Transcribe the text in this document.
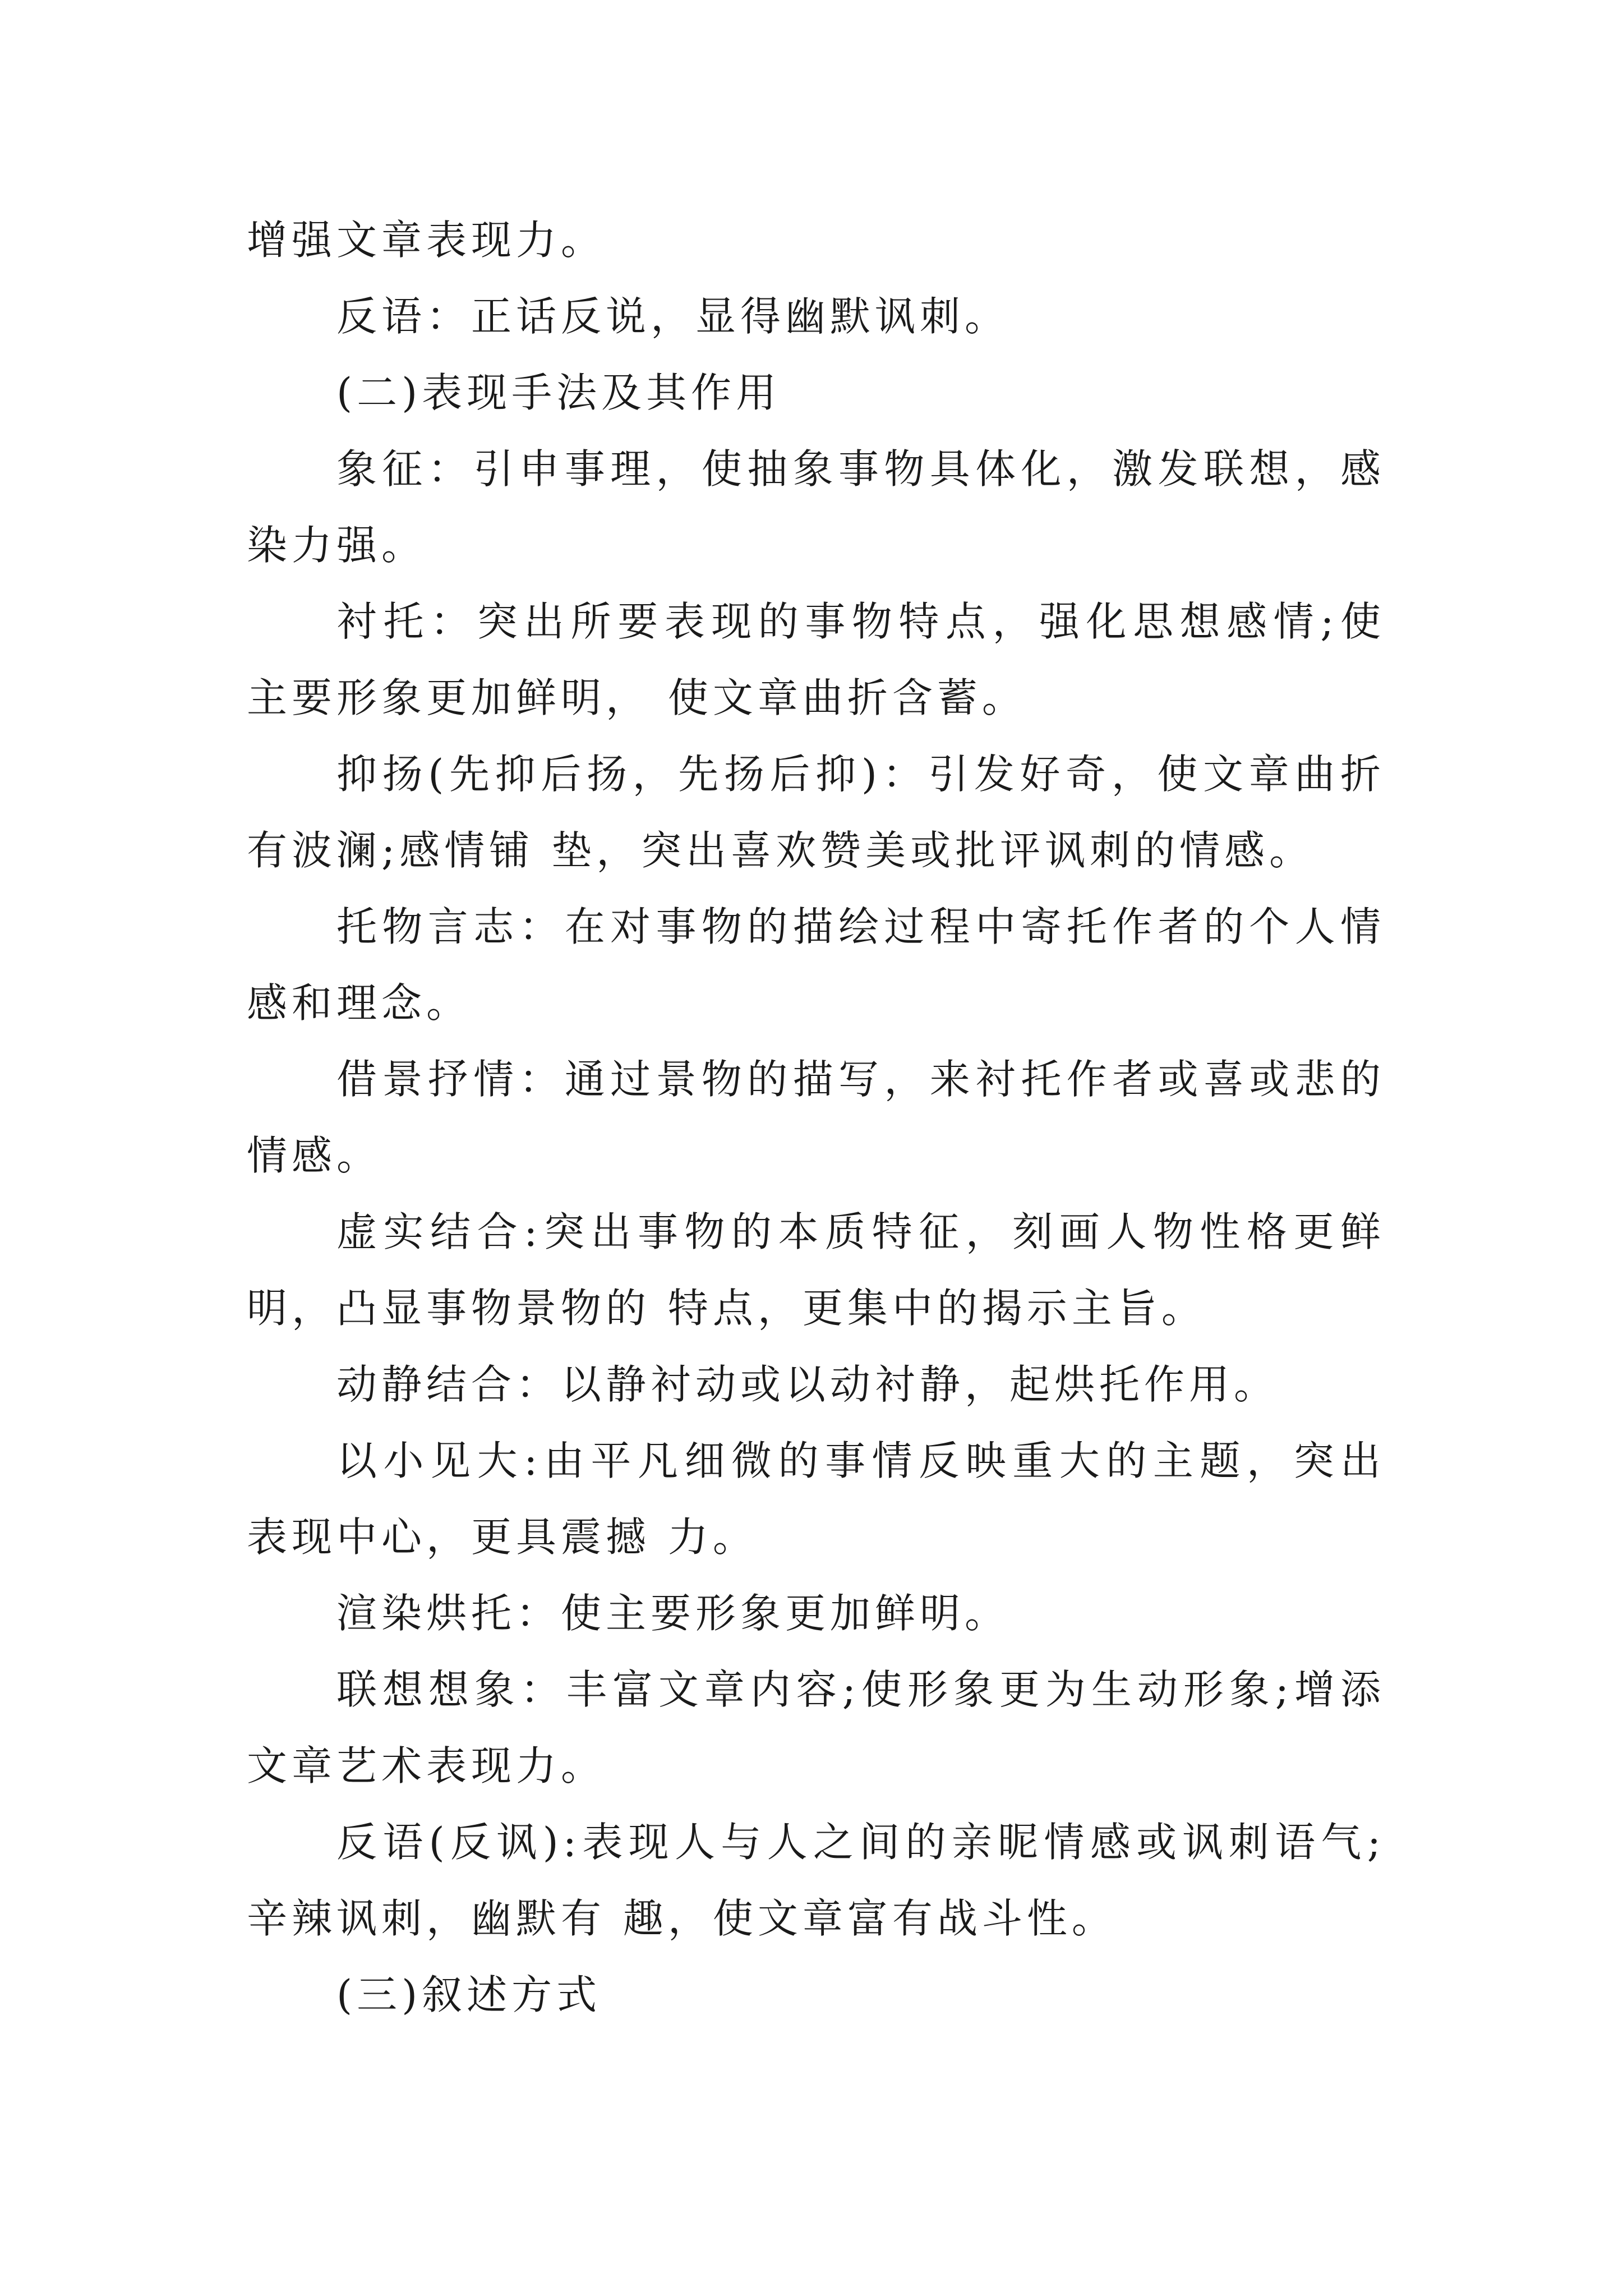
增强文章表现力。

反语：正话反说，显得幽默讽刺。

(二)表现手法及其作用

象征：引申事理，使抽象事物具体化，激发联想，感染力强。

衬托：突出所要表现的事物特点，强化思想感情;使主要形象更加鲜明， 使文章曲折含蓄。

抑扬(先抑后扬，先扬后抑)：引发好奇，使文章曲折有波澜;感情铺 垫，突出喜欢赞美或批评讽刺的情感。

托物言志：在对事物的描绘过程中寄托作者的个人情感和理念。

借景抒情：通过景物的描写，来衬托作者或喜或悲的情感。

虚实结合:突出事物的本质特征，刻画人物性格更鲜明，凸显事物景物的 特点，更集中的揭示主旨。

动静结合：以静衬动或以动衬静，起烘托作用。

以小见大:由平凡细微的事情反映重大的主题，突出表现中心，更具震撼 力。

渲染烘托：使主要形象更加鲜明。

联想想象：丰富文章内容;使形象更为生动形象;增添文章艺术表现力。

反语(反讽):表现人与人之间的亲昵情感或讽刺语气;辛辣讽刺，幽默有 趣，使文章富有战斗性。

(三)叙述方式
